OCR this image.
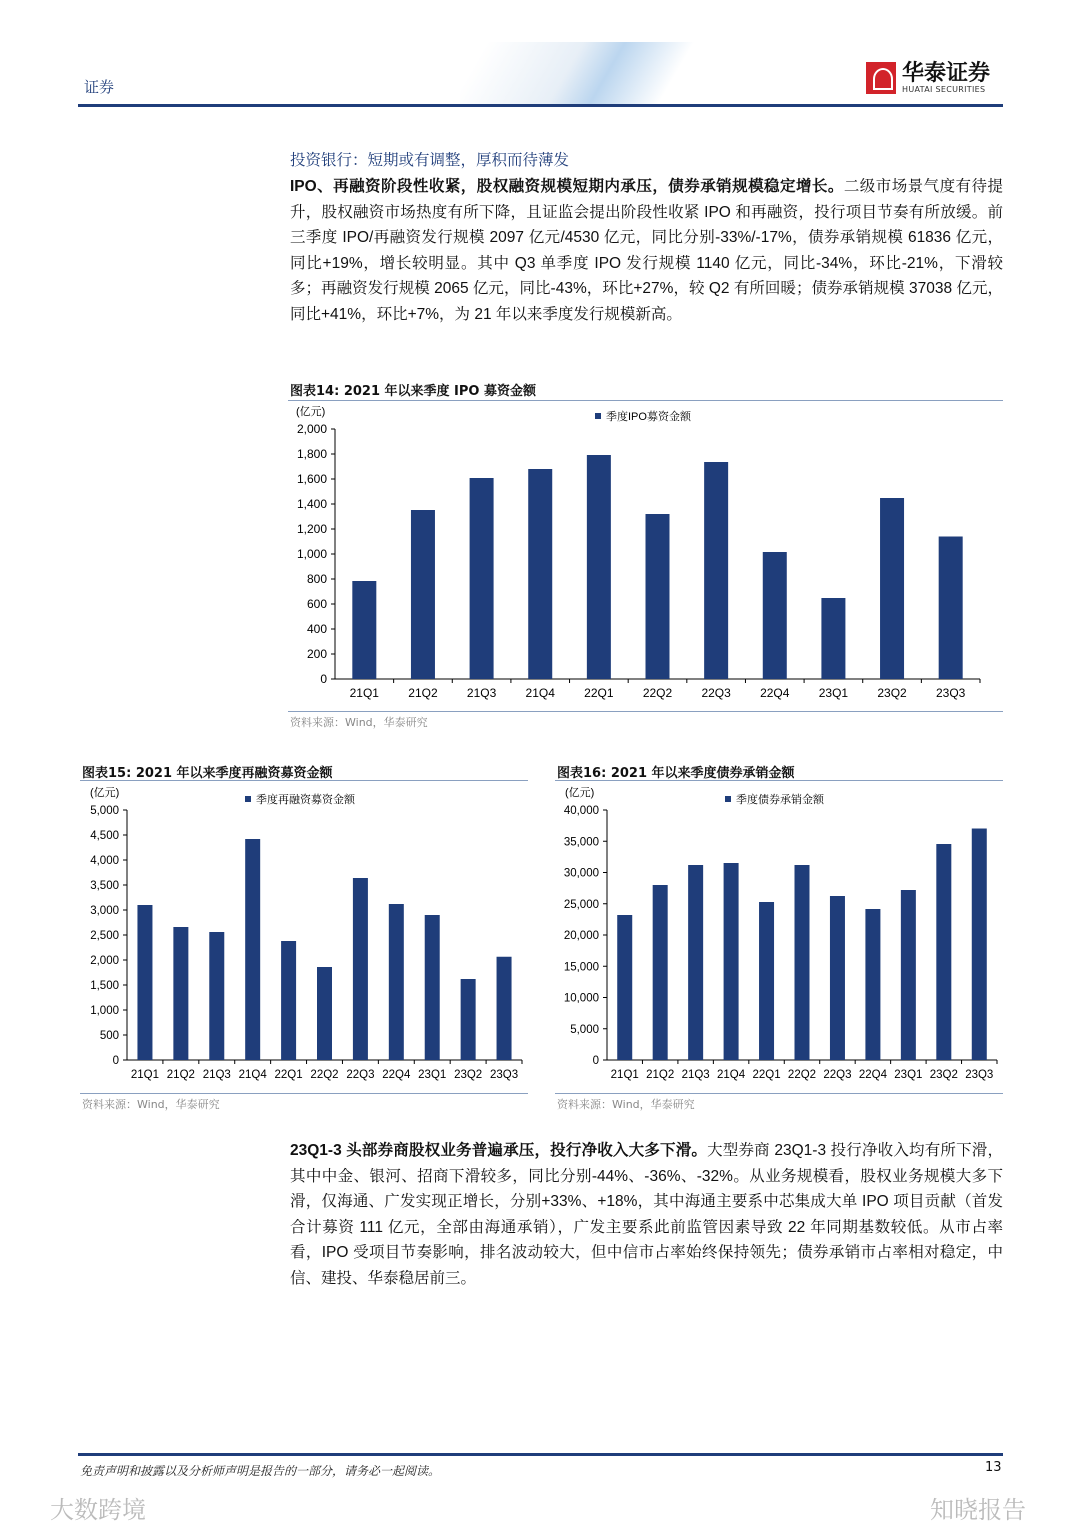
证券
华泰证券
HUATAI SECURITIES
投资银行：短期或有调整，厚积而待薄发
IPO、再融资阶段性收紧，股权融资规模短期内承压，债券承销规模稳定增长。二级市场景气度有待提升，股权融资市场热度有所下降，且证监会提出阶段性收紧 IPO 和再融资，投行项目节奏有所放缓。前三季度 IPO/再融资发行规模 2097 亿元/4530 亿元，同比分别-33%/-17%，债券承销规模 61836 亿元，同比+19%，增长较明显。其中 Q3 单季度 IPO 发行规模 1140 亿元，同比-34%，环比-21%，下滑较多；再融资发行规模 2065 亿元，同比-43%，环比+27%，较 Q2 有所回暖；债券承销规模 37038 亿元，同比+41%，环比+7%，为 21 年以来季度发行规模新高。
图表14: 2021 年以来季度 IPO 募资金额
0
200
400
600
800
1,000
1,200
1,400
1,600
1,800
2,000
(亿元)
21Q1 21Q2 21Q3 21Q4 22Q1 22Q2 22Q3 22Q4 23Q1 23Q2 23Q3
季度IPO募资金额
资料来源：Wind，华泰研究
图表15: 2021 年以来季度再融资募资金额
0
500
1,000
1,500
2,000
2,500
3,000
3,500
4,000
4,500
5,000
(亿元)
21Q1 21Q2 21Q3 21Q4 22Q1 22Q2 22Q3 22Q4 23Q1 23Q2 23Q3
季度再融资募资金额
资料来源：Wind，华泰研究
图表16: 2021 年以来季度债券承销金额
0
5,000
10,000
15,000
20,000
25,000
30,000
35,000
40,000
(亿元)
21Q1 21Q2 21Q3 21Q4 22Q1 22Q2 22Q3 22Q4 23Q1 23Q2 23Q3
季度债券承销金额
资料来源：Wind，华泰研究
23Q1-3 头部券商股权业务普遍承压，投行净收入大多下滑。大型券商 23Q1-3 投行净收入均有所下滑，其中中金、银河、招商下滑较多，同比分别-44%、-36%、-32%。从业务规模看，股权业务规模大多下滑，仅海通、广发实现正增长，分别+33%、+18%，其中海通主要系中芯集成大单 IPO 项目贡献（首发合计募资 111 亿元，全部由海通承销），广发主要系此前监管因素导致 22 年同期基数较低。从市占率看，IPO 受项目节奏影响，排名波动较大，但中信市占率始终保持领先；债券承销市占率相对稳定，中信、建投、华泰稳居前三。
免责声明和披露以及分析师声明是报告的一部分，请务必一起阅读。	13
大数跨境	知晓报告
